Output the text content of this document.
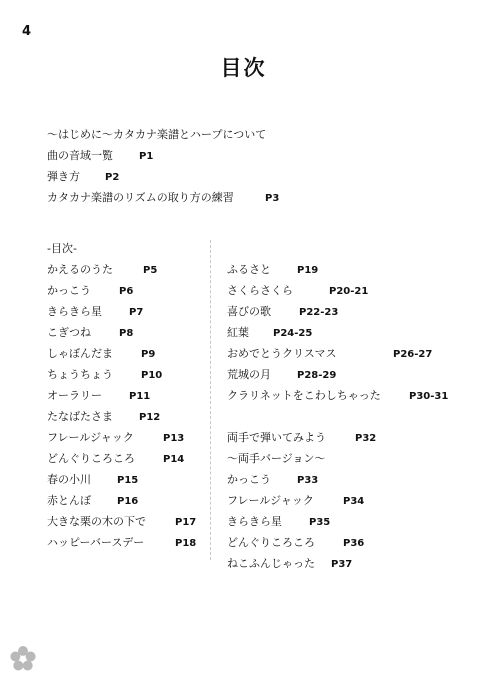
4
目次
〜はじめに〜カタカナ楽譜とハープについて
曲の音域一覧	P1
弾き方	P2
カタカナ楽譜のリズムの取り方の練習	P3
-目次-
かえるのうた	P5
かっこう	P6
きらきら星	P7
こぎつね	P8
しゃぼんだま	P9
ちょうちょう	P10
オーラリー	P11
たなばたさま	P12
フレールジャック	P13
どんぐりころころ	P14
春の小川	P15
赤とんぼ	P16
大きな栗の木の下で	P17
ハッピーバースデー	P18
ふるさと	P19
さくらさくら	P20-21
喜びの歌	P22-23
紅葉	P24-25
おめでとうクリスマス	P26-27
荒城の月	P28-29
クラリネットをこわしちゃった	P30-31
両手で弾いてみよう	P32
〜両手バージョン〜
かっこう	P33
フレールジャック	P34
きらきら星	P35
どんぐりころころ	P36
ねこふんじゃった	P37
